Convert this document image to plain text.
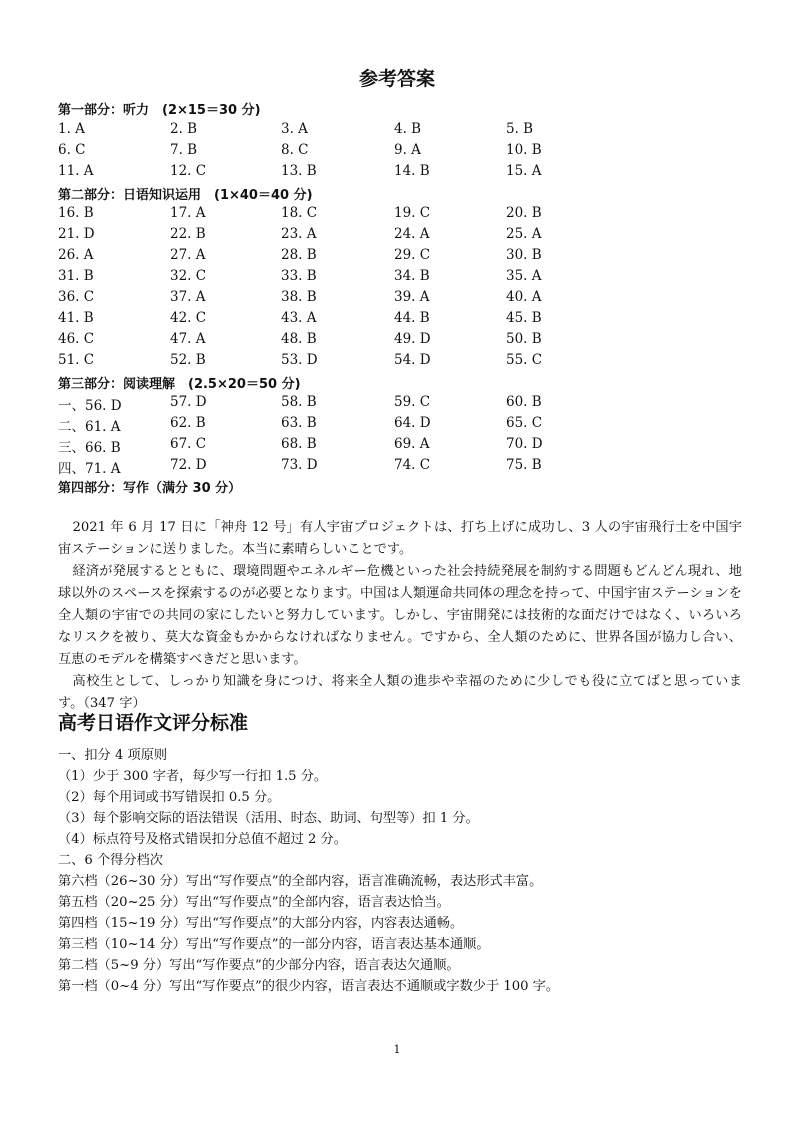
参考答案
第一部分：听力　(2×15＝30 分)
1. A	2. B	3. A	4. B	5. B
6. C	7. B	8. C	9. A	10. B
11. A	12. C	13. B	14. B	15. A
第二部分：日语知识运用　(1×40＝40 分)
16. B	17. A	18. C	19. C	20. B
21. D	22. B	23. A	24. A	25. A
26. A	27. A	28. B	29. C	30. B
31. B	32. C	33. B	34. B	35. A
36. C	37. A	38. B	39. A	40. A
41. B	42. C	43. A	44. B	45. B
46. C	47. A	48. B	49. D	50. B
51. C	52. B	53. D	54. D	55. C
第三部分：阅读理解　(2.5×20＝50 分)
一、56. D	57. D	58. B	59. C	60. B
二、61. A	62. B	63. B	64. D	65. C
三、66. B	67. C	68. B	69. A	70. D
四、71. A	72. D	73. D	74. C	75. B
第四部分：写作（满分 30 分）

2021 年 6 月 17 日に「神舟 12 号」有人宇宙プロジェクトは、打ち上げに成功し、3 人の宇宙飛行士を中国宇宙ステーションに送りました。本当に素晴らしいことです。

経済が発展するとともに、環境問題やエネルギー危機といった社会持続発展を制約する問題もどんどん現れ、地球以外のスペースを探索するのが必要となります。中国は人類運命共同体の理念を持って、中国宇宙ステーションを全人類の宇宙での共同の家にしたいと努力しています。しかし、宇宙開発には技術的な面だけではなく、いろいろなリスクを被り、莫大な資金もかからなければなりません。ですから、全人類のために、世界各国が協力し合い、互恵のモデルを構築すべきだと思います。

高校生として、しっかり知識を身につけ、将来全人類の進歩や幸福のために少しでも役に立てばと思っています。（347 字）

高考日语作文评分标准
一、扣分 4 项原则
（1）少于 300 字者，每少写一行扣 1.5 分。
（2）每个用词或书写错误扣 0.5 分。
（3）每个影响交际的语法错误（活用、时态、助词、句型等）扣 1 分。
（4）标点符号及格式错误扣分总值不超过 2 分。
二、6 个得分档次
第六档（26~30 分）写出“写作要点”的全部内容，语言准确流畅，表达形式丰富。
第五档（20~25 分）写出“写作要点”的全部内容，语言表达恰当。
第四档（15~19 分）写出“写作要点”的大部分内容，内容表达通畅。
第三档（10~14 分）写出“写作要点”的一部分内容，语言表达基本通顺。
第二档（5~9 分）写出“写作要点”的少部分内容，语言表达欠通顺。
第一档（0~4 分）写出“写作要点”的很少内容，语言表达不通顺或字数少于 100 字。
1
